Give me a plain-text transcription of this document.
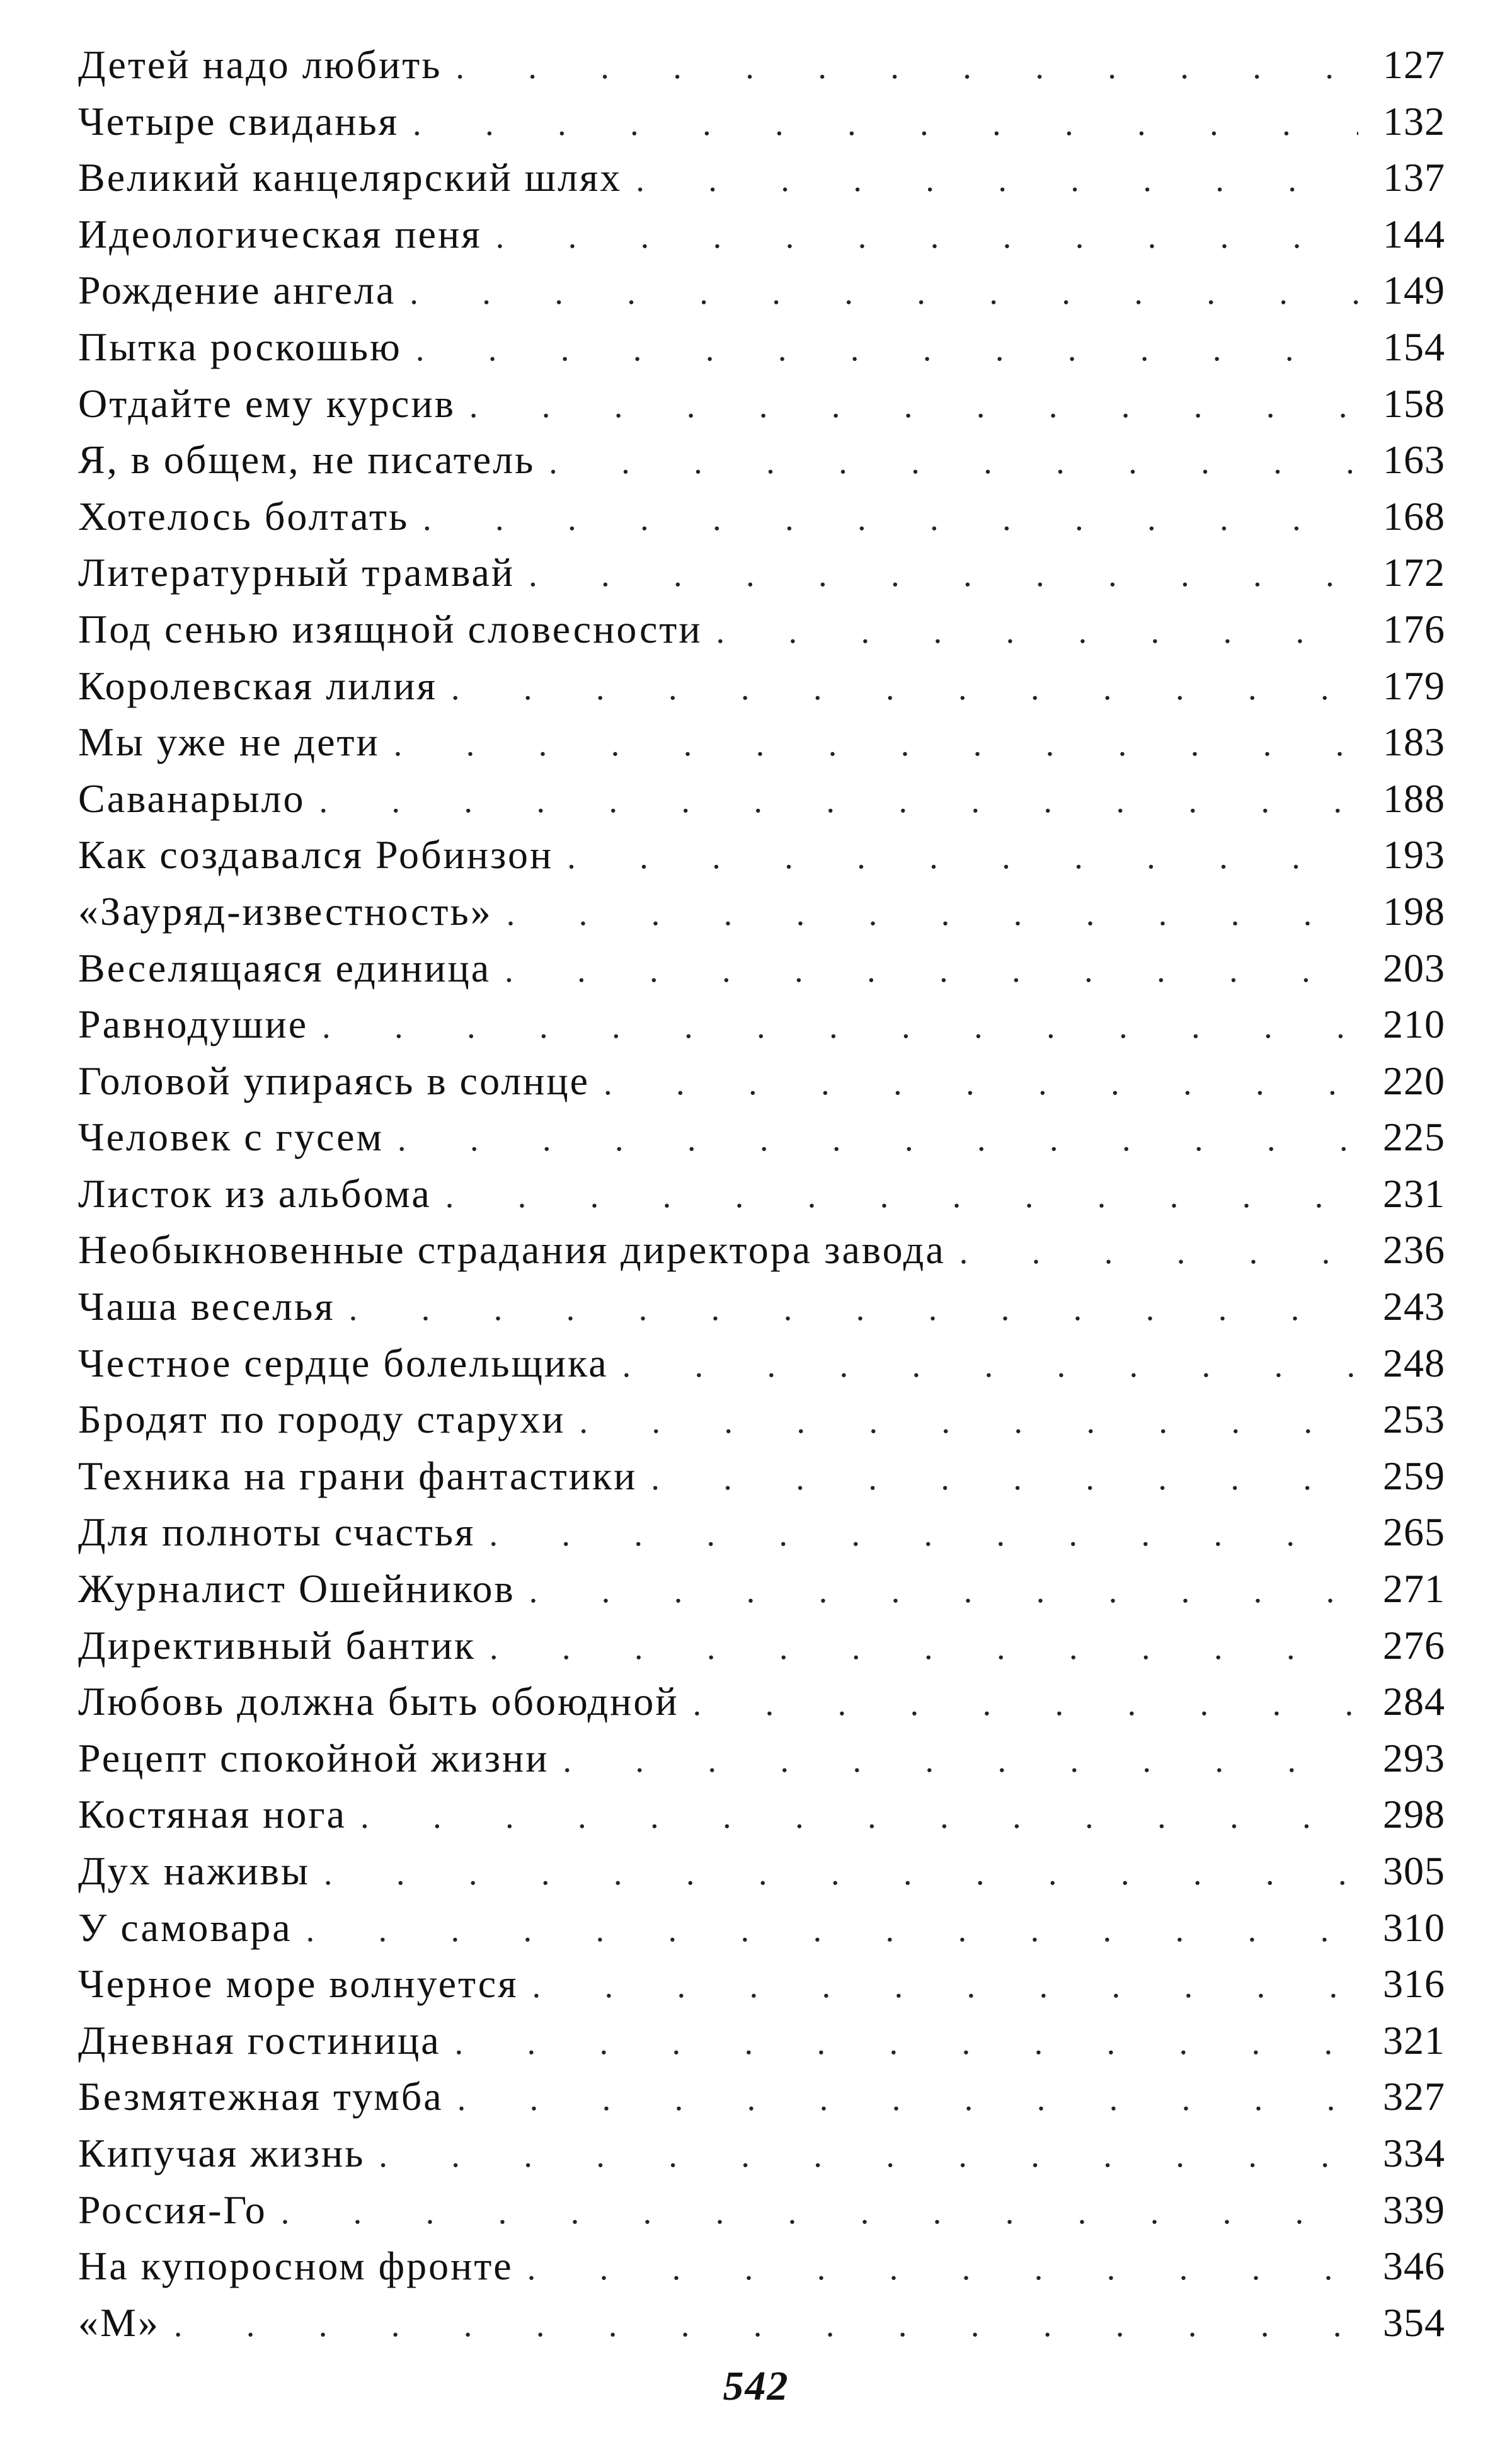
Детей надо любить . . .	127
Четыре свиданья . . .	132
Великий канцелярский шлях . . .	137
Идеологическая пеня . . .	144
Рождение ангела . . .	149
Пытка роскошью . . .	154
Отдайте ему курсив . . .	158
Я, в общем, не писатель . . .	163
Хотелось болтать . . .	168
Литературный трамвай . . .	172
Под сенью изящной словесности . . .	176
Королевская лилия . . .	179
Мы уже не дети . . .	183
Саванарыло . . .	188
Как создавался Робинзон . . .	193
«Зауряд-известность» . . .	198
Веселящаяся единица . . .	203
Равнодушие . . .	210
Головой упираясь в солнце . . .	220
Человек с гусем . . .	225
Листок из альбома . . .	231
Необыкновенные страдания директора завода . . .	236
Чаша веселья . . .	243
Честное сердце болельщика . . .	248
Бродят по городу старухи . . .	253
Техника на грани фантастики . . .	259
Для полноты счастья . . .	265
Журналист Ошейников . . .	271
Директивный бантик . . .	276
Любовь должна быть обоюдной . . .	284
Рецепт спокойной жизни . . .	293
Костяная нога . . .	298
Дух наживы . . .	305
У самовара . . .	310
Черное море волнуется . . .	316
Дневная гостиница . . .	321
Безмятежная тумба . . .	327
Кипучая жизнь . . .	334
Россия-Го . . .	339
На купоросном фронте . . .	346
«М» . . .	354
542
